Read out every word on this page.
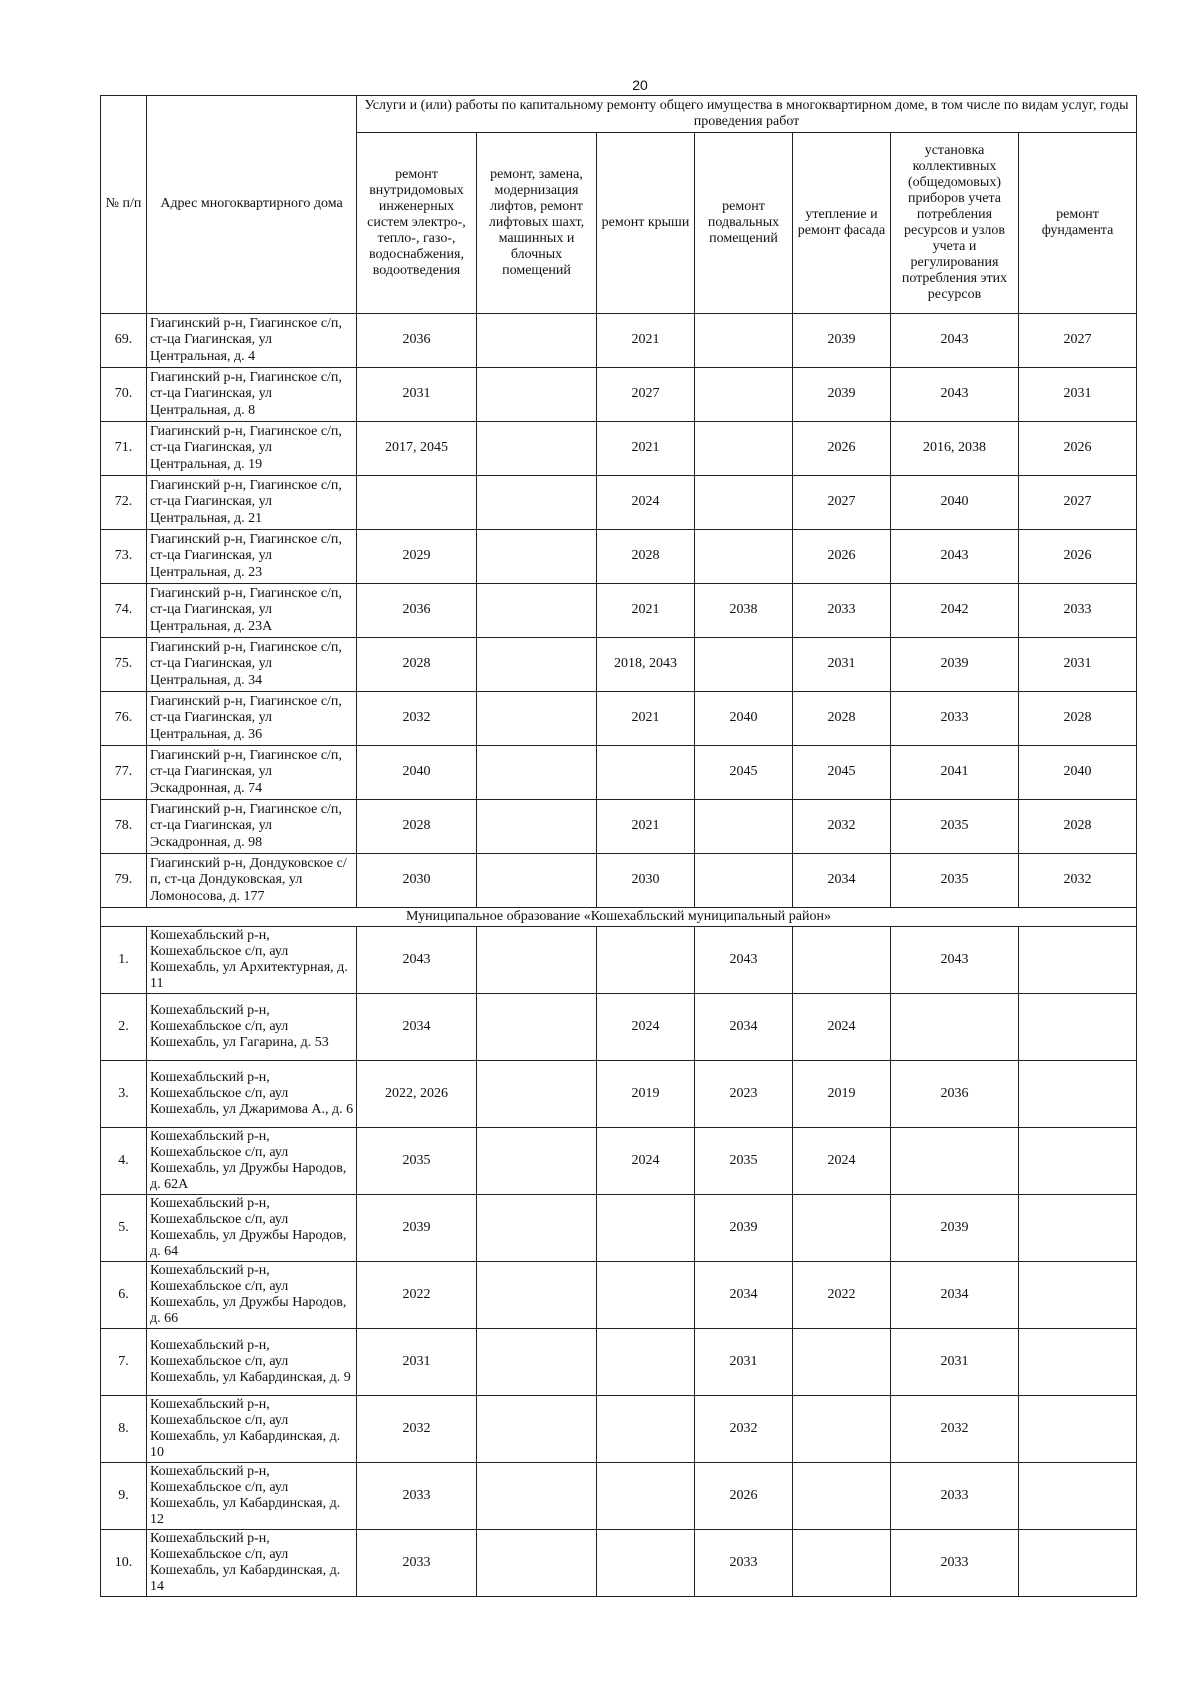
20
№ п/п	Адрес многоквартирного дома	Услуги и (или) работы по капитальному ремонту общего имущества в многоквартирном доме, в том числе по видам услуг, годы проведения работ						
		ремонт внутридомовых инженерных систем электро-, тепло-, газо-, водоснабжения, водоотведения	ремонт, замена, модернизация лифтов, ремонт лифтовых шахт, машинных и блочных помещений	ремонт крыши	ремонт подвальных помещений	утепление и ремонт фасада	установка коллективных (общедомовых) приборов учета потребления ресурсов и узлов учета и регулирования потребления этих ресурсов	ремонт фундамента
69.	Гиагинский р-н, Гиагинское с/п, ст-ца Гиагинская, ул Центральная, д. 4	2036		2021		2039	2043	2027
70.	Гиагинский р-н, Гиагинское с/п, ст-ца Гиагинская, ул Центральная, д. 8	2031		2027		2039	2043	2031
71.	Гиагинский р-н, Гиагинское с/п, ст-ца Гиагинская, ул Центральная, д. 19	2017, 2045		2021		2026	2016, 2038	2026
72.	Гиагинский р-н, Гиагинское с/п, ст-ца Гиагинская, ул Центральная, д. 21			2024		2027	2040	2027
73.	Гиагинский р-н, Гиагинское с/п, ст-ца Гиагинская, ул Центральная, д. 23	2029		2028		2026	2043	2026
74.	Гиагинский р-н, Гиагинское с/п, ст-ца Гиагинская, ул Центральная, д. 23А	2036		2021	2038	2033	2042	2033
75.	Гиагинский р-н, Гиагинское с/п, ст-ца Гиагинская, ул Центральная, д. 34	2028		2018, 2043		2031	2039	2031
76.	Гиагинский р-н, Гиагинское с/п, ст-ца Гиагинская, ул Центральная, д. 36	2032		2021	2040	2028	2033	2028
77.	Гиагинский р-н, Гиагинское с/п, ст-ца Гиагинская, ул Эскадронная, д. 74	2040			2045	2045	2041	2040
78.	Гиагинский р-н, Гиагинское с/п, ст-ца Гиагинская, ул Эскадронная, д. 98	2028		2021		2032	2035	2028
79.	Гиагинский р-н, Дондуковское с/п, ст-ца Дондуковская, ул Ломоносова, д. 177	2030		2030		2034	2035	2032
Муниципальное образование «Кошехабльский муниципальный район»								
1.	Кошехабльский р-н, Кошехабльское с/п, аул Кошехабль, ул Архитектурная, д. 11	2043			2043		2043	
2.	Кошехабльский р-н, Кошехабльское с/п, аул Кошехабль, ул Гагарина, д. 53	2034		2024	2034	2024		
3.	Кошехабльский р-н, Кошехабльское с/п, аул Кошехабль, ул Джаримова А., д. 6	2022, 2026		2019	2023	2019	2036	
4.	Кошехабльский р-н, Кошехабльское с/п, аул Кошехабль, ул Дружбы Народов, д. 62А	2035		2024	2035	2024		
5.	Кошехабльский р-н, Кошехабльское с/п, аул Кошехабль, ул Дружбы Народов, д. 64	2039			2039		2039	
6.	Кошехабльский р-н, Кошехабльское с/п, аул Кошехабль, ул Дружбы Народов, д. 66	2022			2034	2022	2034	
7.	Кошехабльский р-н, Кошехабльское с/п, аул Кошехабль, ул Кабардинская, д. 9	2031			2031		2031	
8.	Кошехабльский р-н, Кошехабльское с/п, аул Кошехабль, ул Кабардинская, д. 10	2032			2032		2032	
9.	Кошехабльский р-н, Кошехабльское с/п, аул Кошехабль, ул Кабардинская, д. 12	2033			2026		2033	
10.	Кошехабльский р-н, Кошехабльское с/п, аул Кошехабль, ул Кабардинская, д. 14	2033			2033		2033	
